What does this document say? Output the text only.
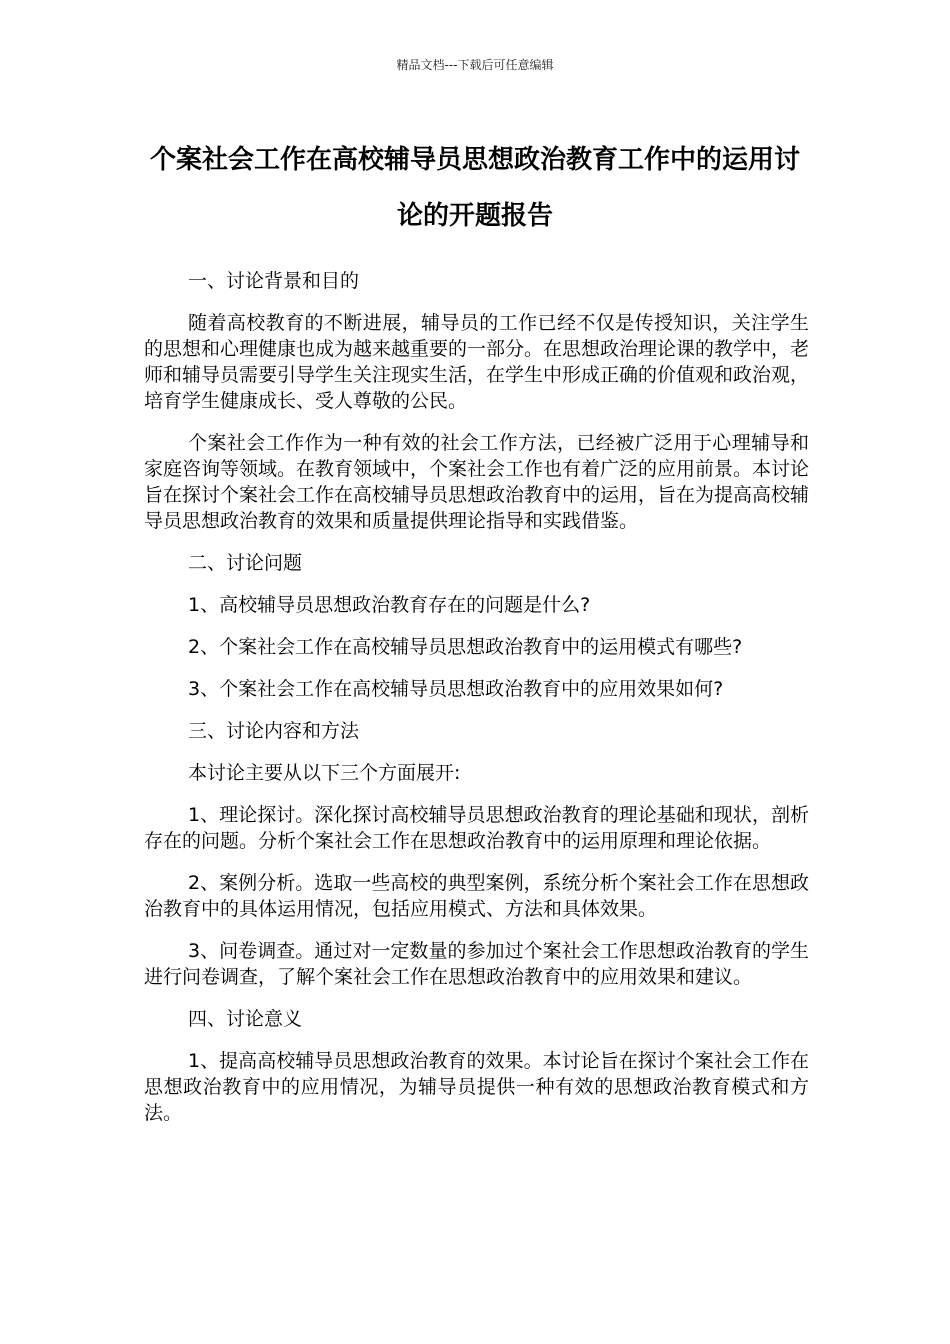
精品文档---下载后可任意编辑
个案社会工作在高校辅导员思想政治教育工作中的运用讨论的开题报告

一、讨论背景和目的

随着高校教育的不断进展，辅导员的工作已经不仅是传授知识，关注学生的思想和心理健康也成为越来越重要的一部分。在思想政治理论课的教学中，老师和辅导员需要引导学生关注现实生活，在学生中形成正确的价值观和政治观，培育学生健康成长、受人尊敬的公民。

个案社会工作作为一种有效的社会工作方法，已经被广泛用于心理辅导和家庭咨询等领域。在教育领域中，个案社会工作也有着广泛的应用前景。本讨论旨在探讨个案社会工作在高校辅导员思想政治教育中的运用，旨在为提高高校辅导员思想政治教育的效果和质量提供理论指导和实践借鉴。

二、讨论问题

1、高校辅导员思想政治教育存在的问题是什么?

2、个案社会工作在高校辅导员思想政治教育中的运用模式有哪些?

3、个案社会工作在高校辅导员思想政治教育中的应用效果如何?

三、讨论内容和方法

本讨论主要从以下三个方面展开:

1、理论探讨。深化探讨高校辅导员思想政治教育的理论基础和现状，剖析存在的问题。分析个案社会工作在思想政治教育中的运用原理和理论依据。

2、案例分析。选取一些高校的典型案例，系统分析个案社会工作在思想政治教育中的具体运用情况，包括应用模式、方法和具体效果。

3、问卷调查。通过对一定数量的参加过个案社会工作思想政治教育的学生进行问卷调查，了解个案社会工作在思想政治教育中的应用效果和建议。

四、讨论意义

1、提高高校辅导员思想政治教育的效果。本讨论旨在探讨个案社会工作在思想政治教育中的应用情况，为辅导员提供一种有效的思想政治教育模式和方法。
